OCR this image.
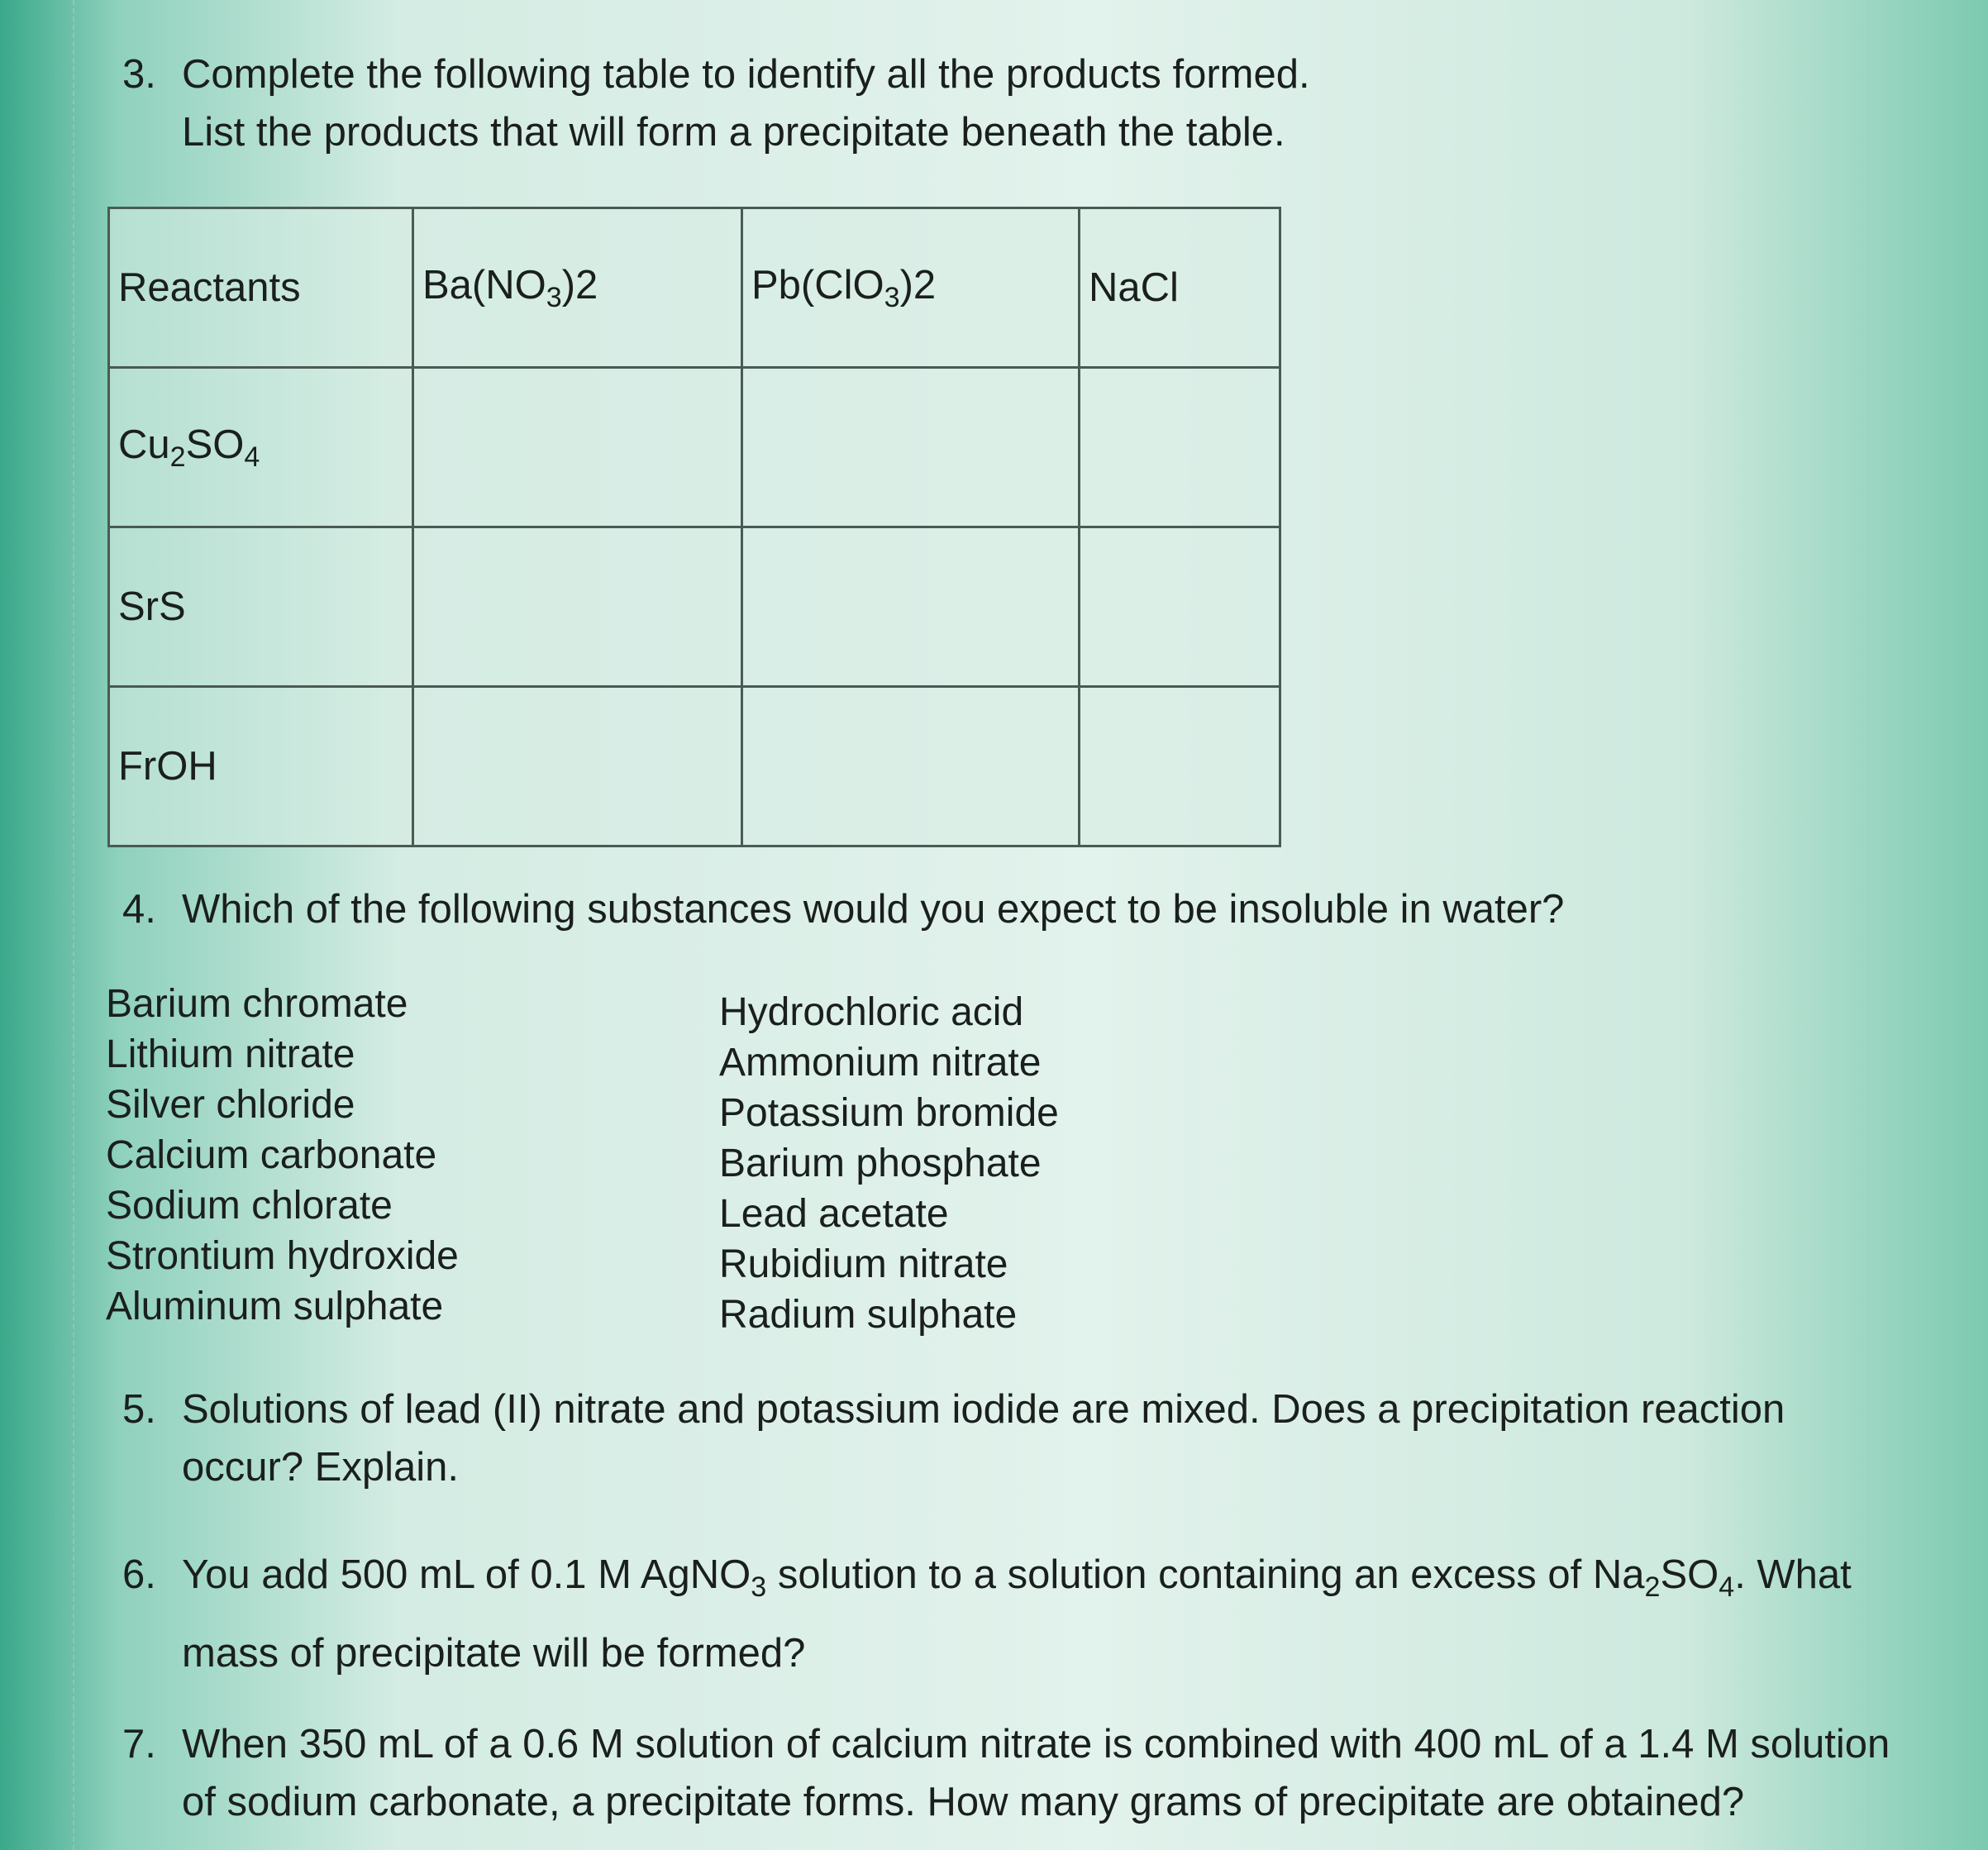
3. Complete the following table to identify all the products formed.
List the products that will form a precipitate beneath the table.
Reactants	$Ba(NO_3)2$	Pb(ClO$_3$)2	NaCl
$Cu_2SO_4$			
SrS			
FrOH			
4. Which of the following substances would you expect to be insoluble in water?
Barium chromate
Lithium nitrate
Silver chloride
Calcium carbonate
Sodium chlorate
Strontium hydroxide
Aluminum sulphate
Hydrochloric acid
Ammonium nitrate
Potassium bromide
Barium phosphate
Lead acetate
Rubidium nitrate
Radium sulphate
5. Solutions of lead (II) nitrate and potassium iodide are mixed. Does a precipitation reaction
occur? Explain.
6. You add 500 mL of 0.1 M AgNO$_3$ solution to a solution containing an excess of $Na_2SO_4$. What
mass of precipitate will be formed?
7. When 350 mL of a 0.6 M solution of calcium nitrate is combined with 400 mL of a 1.4 M solution
of sodium carbonate, a precipitate forms. How many grams of precipitate are obtained?
